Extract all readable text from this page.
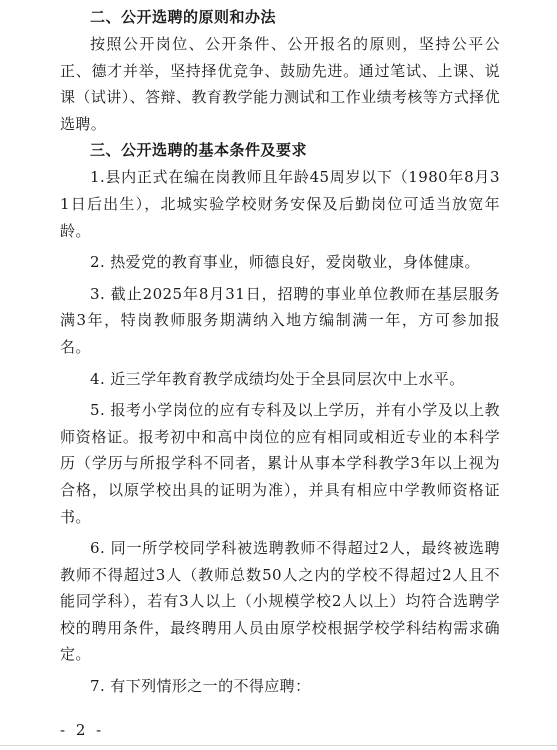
二、公开选聘的原则和办法

按照公开岗位、公开条件、公开报名的原则，坚持公平公正、德才并举，坚持择优竞争、鼓励先进。通过笔试、上课、说课（试讲）、答辩、教育教学能力测试和工作业绩考核等方式择优选聘。

三、公开选聘的基本条件及要求

1.县内正式在编在岗教师且年龄45周岁以下（1980年8月31日后出生），北城实验学校财务安保及后勤岗位可适当放宽年龄。

2. 热爱党的教育事业，师德良好，爱岗敬业，身体健康。

3. 截止2025年8月31日，招聘的事业单位教师在基层服务满3年，特岗教师服务期满纳入地方编制满一年，方可参加报名。

4. 近三学年教育教学成绩均处于全县同层次中上水平。

5. 报考小学岗位的应有专科及以上学历，并有小学及以上教师资格证。报考初中和高中岗位的应有相同或相近专业的本科学历（学历与所报学科不同者，累计从事本学科教学3年以上视为合格，以原学校出具的证明为准），并具有相应中学教师资格证书。

6. 同一所学校同学科被选聘教师不得超过2人，最终被选聘教师不得超过3人（教师总数50人之内的学校不得超过2人且不能同学科），若有3人以上（小规模学校2人以上）均符合选聘学校的聘用条件，最终聘用人员由原学校根据学校学科结构需求确定。

7. 有下列情形之一的不得应聘：

- 2 -
